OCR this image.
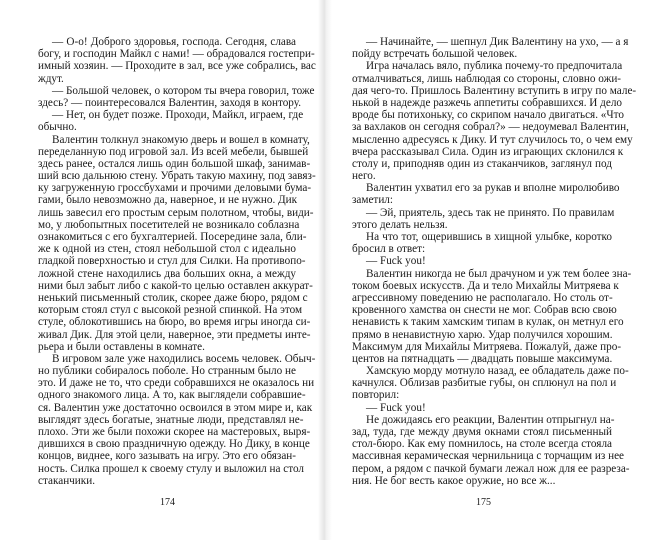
— О-о! Доброго здоровья, господа. Сегодня, слава
богу, и господин Майкл с нами! — обрадовался гостепри-
имный хозяин. — Проходите в зал, все уже собрались, вас
ждут.
— Большой человек, о котором ты вчера говорил, тоже
здесь? — поинтересовался Валентин, заходя в контору.
— Нет, он будет позже. Проходи, Майкл, играем, где
обычно.
Валентин толкнул знакомую дверь и вошел в комнату,
переделанную под игровой зал. Из всей мебели, бывшей
здесь ранее, остался лишь один большой шкаф, занимав-
ший всю дальнюю стену. Убрать такую махину, под завяз-
ку загруженную гроссбухами и прочими деловыми бума-
гами, было невозможно да, наверное, и не нужно. Дик
лишь завесил его простым серым полотном, чтобы, види-
мо, у любопытных посетителей не возникало соблазна
ознакомиться с его бухгалтерией. Посередине зала, бли-
же к одной из стен, стоял небольшой стол с идеально
гладкой поверхностью и стул для Силки. На противопо-
ложной стене находились два больших окна, а между
ними был забыт либо с какой-то целью оставлен аккурат-
ненький письменный столик, скорее даже бюро, рядом с
которым стоял стул с высокой резной спинкой. На этом
стуле, облокотившись на бюро, во время игры иногда си-
живал Дик. Для этой цели, наверное, эти предметы инте-
рьера и были оставлены в комнате.
В игровом зале уже находились восемь человек. Обыч-
но публики собиралось поболе. Но странным было не
это. И даже не то, что среди собравшихся не оказалось ни
одного знакомого лица. А то, как выглядели собравшие-
ся. Валентин уже достаточно освоился в этом мире и, как
выглядят здесь богатые, знатные люди, представлял не-
плохо. Эти же были похожи скорее на мастеровых, выря-
дившихся в свою праздничную одежду. Но Дику, в конце
концов, виднее, кого зазывать на игру. Это его обязан-
ность. Силка прошел к своему стулу и выложил на стол
стаканчики.
— Начинайте, — шепнул Дик Валентину на ухо, — а я
пойду встречать большой человек.
Игра началась вяло, публика почему-то предпочитала
отмалчиваться, лишь наблюдая со стороны, словно ожи-
дая чего-то. Пришлось Валентину вступить в игру по мале-
нькой в надежде разжечь аппетиты собравшихся. И дело
вроде бы потихоньку, со скрипом начало двигаться. «Что
за вахлаков он сегодня собрал?» — недоумевал Валентин,
мысленно адресуясь к Дику. И тут случилось то, о чем ему
вчера рассказывал Сила. Один из играющих склонился к
столу и, приподняв один из стаканчиков, заглянул под
него.
Валентин ухватил его за рукав и вполне миролюбиво
заметил:
— Эй, приятель, здесь так не принято. По правилам
этого делать нельзя.
На что тот, ощерившись в хищной улыбке, коротко
бросил в ответ:
— Fuck you!
Валентин никогда не был драчуном и уж тем более зна-
током боевых искусств. Да и тело Михайлы Митряева к
агрессивному поведению не располагало. Но столь от-
кровенного хамства он снести не мог. Собрав всю свою
ненависть к таким хамским типам в кулак, он метнул его
прямо в ненавистную харю. Удар получился хорошим.
Максимум для Михайлы Митряева. Пожалуй, даже про-
центов на пятнадцать — двадцать повыше максимума.
Хамскую морду мотнуло назад, ее обладатель даже по-
качнулся. Облизав разбитые губы, он сплюнул на пол и
повторил:
— Fuck you!
Не дожидаясь его реакции, Валентин отпрыгнул на-
зад, туда, где между двумя окнами стоял письменный
стол-бюро. Как ему помнилось, на столе всегда стояла
массивная керамическая чернильница с торчащим из нее
пером, а рядом с пачкой бумаги лежал нож для ее разреза-
ния. Не бог весть какое оружие, но все ж...
174	175
